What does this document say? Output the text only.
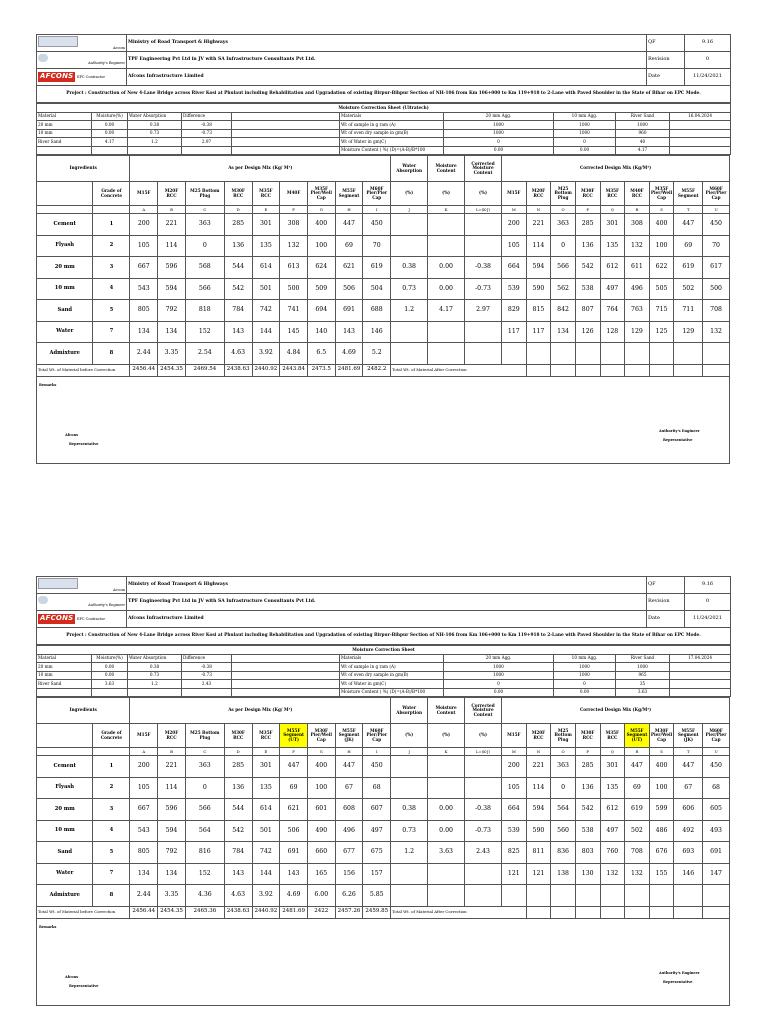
Aecom	Ministry of Road Transport & Highways	QF	9.16

Authority's Engineer	TPF Engineering Pvt Ltd in JV with SA Infrastructure Consultants Pvt Ltd.	Revision	0
AFCONS EPC Contractor	Afcons Infrastructure Limited	Date	11/24/2021
Project : Construction of New 4-Lane Bridge across River Kosi at Phulaut including Rehabilitation and Upgradation of existing Birpur-Bihpur Section of NH-106 from Km 106+000 to Km 119+918 to 2-Lane with Paved Shoulder in the State of Bihar on EPC Mode.			
Moisture Correction Sheet (Ultratech)									
Material	Moisture(%)	Water Absorption	Difference		Materials	20 mm Agg.	10 mm Agg.	River Sand	16.04.2024
20 mm	0.00	0.38	-0.38		Wt of sample in g ram (A)	1000	1000	1000	
10 mm	0.00	0.73	-0.73		Wt of oven dry sample in gm(B)	1000	1000	960	
River Sand	4.17	1.2	2.97		Wt of Water in gm(C)	0	0	40	
					Moisture Content ( %) (D)=(A-B)/B*100	0.00	0.00	4.17	
Ingredients		As per Design Mix (Kg/ M³)									Water Absorption	Moisture Content	Corrected Moisture Content	Corrected Design Mix (Kg/M³)								
	Grade of Concrete	M15F	M20F RCC	M25 Bottom Plug	M30F RCC	M35F RCC	M40F	M35F Pier/Well Cap	M55F Segment	M60F Pier/Pier Cap	(%)	(%)	(%)	M15F	M20F RCC	M25 Bottom Plug	M30F RCC	M35F RCC	M40F RCC	M35F Pier/Well Cap	M55F Segment	M60F Pier/Pier Cap
		A	B	C	D	E	F	G	H	I	J	K	L=(K-J)	M	N	O	P	Q	R	S	T	U
Cement	1	200	221	363	285	301	308	400	447	450				200	221	363	285	301	308	400	447	450
Flyash	2	105	114	0	136	135	132	100	69	70				105	114	0	136	135	132	100	69	70
20 mm	3	667	596	568	544	614	613	624	621	619	0.38	0.00	-0.38	664	594	566	542	612	611	622	619	617
10 mm	4	543	594	566	542	501	500	509	506	504	0.73	0.00	-0.73	539	590	562	538	497	496	505	502	500
Sand	5	805	792	818	784	742	741	694	691	688	1.2	4.17	2.97	829	815	842	807	764	763	715	711	708
Water	7	134	134	152	143	144	145	140	143	146				117	117	134	126	128	129	125	129	132
Admixture	8	2.44	3.35	2.54	4.63	3.92	4.84	6.5	4.69	5.2												
Total Wt. of Material before Correction		2456.44	2454.35	2469.54	2438.63	2440.92	2443.84	2473.5	2481.69	2482.2	Total Wt. of Material After Correction											
Remarks
Afcons
Representative
Authority's Engineer
Representative
Aecom	Ministry of Road Transport & Highways	QF	9.16

Authority's Engineer	TPF Engineering Pvt Ltd in JV with SA Infrastructure Consultants Pvt Ltd.	Revision	0
AFCONS EPC Contractor	Afcons Infrastructure Limited	Date	11/24/2021
Project : Construction of New 4-Lane Bridge across River Kosi at Phulaut including Rehabilitation and Upgradation of existing Birpur-Bihpur Section of NH-106 from Km 106+000 to Km 119+918 to 2-Lane with Paved Shoulder in the State of Bihar on EPC Mode.			
Moisture Correction Sheet									
Material	Moisture(%)	Water Absorption	Difference		Materials	20 mm Agg.	10 mm Agg.	River Sand	17.04.2024
20 mm	0.00	0.38	-0.38		Wt of sample in g ram (A)	1000	1000	1000	
10 mm	0.00	0.73	-0.73		Wt of oven dry sample in gm(B)	1000	1000	965	
River Sand	3.63	1.2	2.43		Wt of Water in gm(C)	0	0	35	
					Moisture Content ( %) (D)=(A-B)/B*100	0.00	0.00	3.63	
Ingredients		As per Design Mix (Kg/ M³)									Water Absorption	Moisture Content	Corrected Moisture Content	Corrected Design Mix (Kg/M³)								
	Grade of Concrete	M15F	M20F RCC	M25 Bottom Plug	M30F RCC	M35F RCC	M55F Segment (UT)	M30F Pier/Well Cap	M55F Segment (JK)	M60F Pier/Pier Cap	(%)	(%)	(%)	M15F	M20F RCC	M25 Bottom Plug	M30F RCC	M35F RCC	M55F Segment (UT)	M30F Pier/Well Cap	M55F Segment (JK)	M60F Pier/Pier Cap
		A	B	C	D	E	F	G	H	I	J	K	L=(K-J)	M	N	O	P	Q	R	S	T	U
Cement	1	200	221	363	285	301	447	400	447	450				200	221	363	285	301	447	400	447	450
Flyash	2	105	114	0	136	135	69	100	67	68				105	114	0	136	135	69	100	67	68
20 mm	3	667	596	566	544	614	621	601	608	607	0.38	0.00	-0.38	664	594	564	542	612	619	599	606	605
10 mm	4	543	594	564	542	501	506	490	496	497	0.73	0.00	-0.73	539	590	560	538	497	502	486	492	493
Sand	5	805	792	816	784	742	691	660	677	675	1.2	3.63	2.43	825	811	836	803	760	708	676	693	691
Water	7	134	134	152	143	144	143	165	156	157				121	121	138	130	132	132	155	146	147
Admixture	8	2.44	3.35	4.36	4.63	3.92	4.69	6.00	6.26	5.85												
Total Wt. of Material before Correction		2456.44	2454.35	2465.36	2438.63	2440.92	2481.69	2422	2457.26	2459.85	Total Wt. of Material After Correction											
Remarks
Afcons
Representative
Authority's Engineer
Representative
